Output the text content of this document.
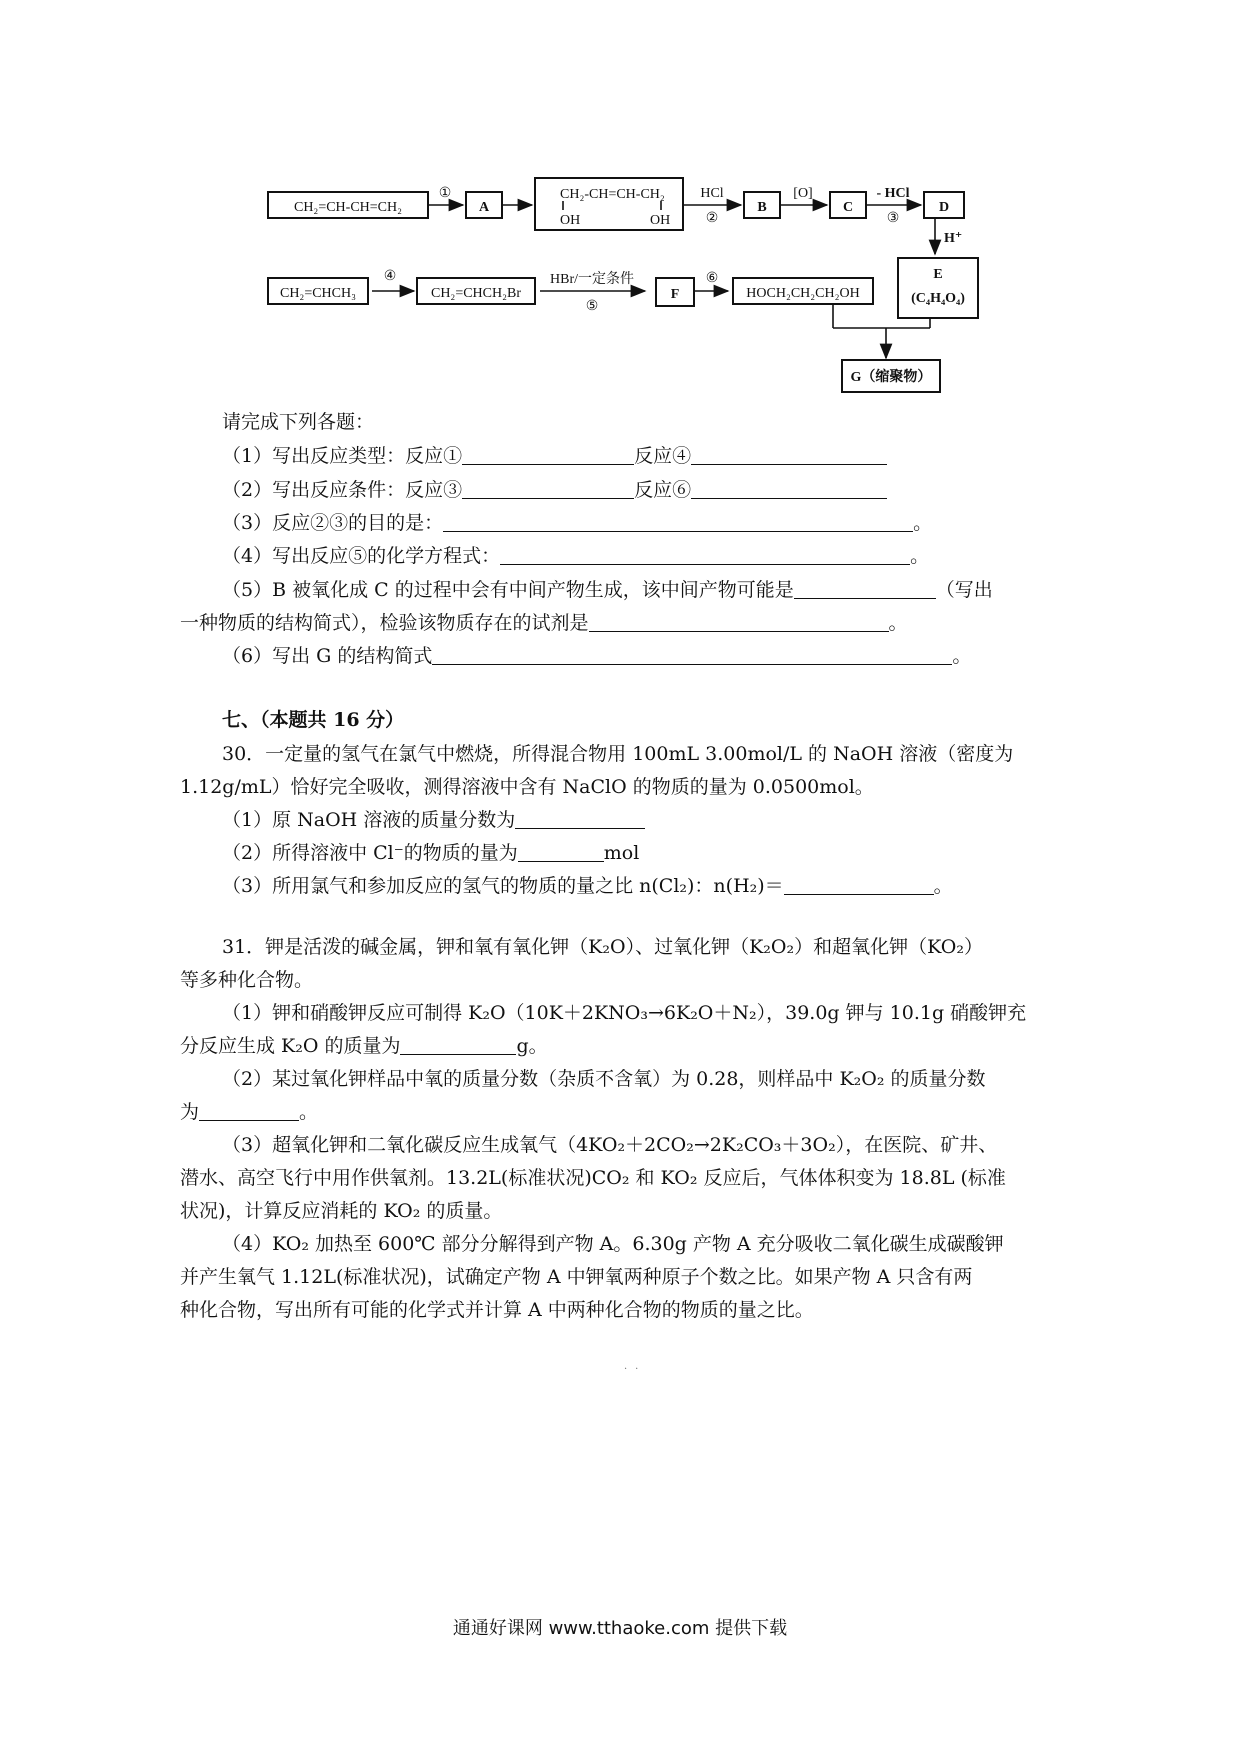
CH₂=CH-CH=CH₂
①
A
CH₂-CH=CH-CH₂
OH	OH
HCl
②
B
[O]
C
- HCl
③
D
H⁺
CH₂=CHCH₃
④
CH₂=CHCH₂Br
HBr/一定条件
⑤
F
⑥
HOCH₂CH₂CH₂OH
E
(C₄H₄O₄)
G（缩聚物）
请完成下列各题：
（1）写出反应类型：反应①	反应④
（2）写出反应条件：反应③	反应⑥
（3）反应②③的目的是：	。
（4）写出反应⑤的化学方程式：	。
（5）B 被氧化成 C 的过程中会有中间产物生成，该中间产物可能是	（写出
一种物质的结构简式），检验该物质存在的试剂是	。
（6）写出 G 的结构简式	。
七、（本题共 16 分）
30．一定量的氢气在氯气中燃烧，所得混合物用 100mL 3.00mol/L 的 NaOH 溶液（密度为
1.12g/mL）恰好完全吸收，测得溶液中含有 NaClO 的物质的量为 0.0500mol。
（1）原 NaOH 溶液的质量分数为
（2）所得溶液中 Cl⁻的物质的量为	mol
（3）所用氯气和参加反应的氢气的物质的量之比 n(Cl₂)：n(H₂)＝	。
31．钾是活泼的碱金属，钾和氧有氧化钾（K₂O）、过氧化钾（K₂O₂）和超氧化钾（KO₂）
等多种化合物。
（1）钾和硝酸钾反应可制得 K₂O（10K＋2KNO₃→6K₂O＋N₂），39.0g 钾与 10.1g 硝酸钾充
分反应生成 K₂O 的质量为	g。
（2）某过氧化钾样品中氧的质量分数（杂质不含氧）为 0.28，则样品中 K₂O₂ 的质量分数
为	。
（3）超氧化钾和二氧化碳反应生成氧气（4KO₂＋2CO₂→2K₂CO₃＋3O₂），在医院、矿井、
潜水、高空飞行中用作供氧剂。13.2L(标准状况)CO₂ 和 KO₂ 反应后，气体体积变为 18.8L (标准
状况)，计算反应消耗的 KO₂ 的质量。
（4）KO₂ 加热至 600℃ 部分分解得到产物 A。6.30g 产物 A 充分吸收二氧化碳生成碳酸钾
并产生氧气 1.12L(标准状况)，试确定产物 A 中钾氧两种原子个数之比。如果产物 A 只含有两
种化合物，写出所有可能的化学式并计算 A 中两种化合物的物质的量之比。
··
通通好课网 www.tthaoke.com 提供下载
